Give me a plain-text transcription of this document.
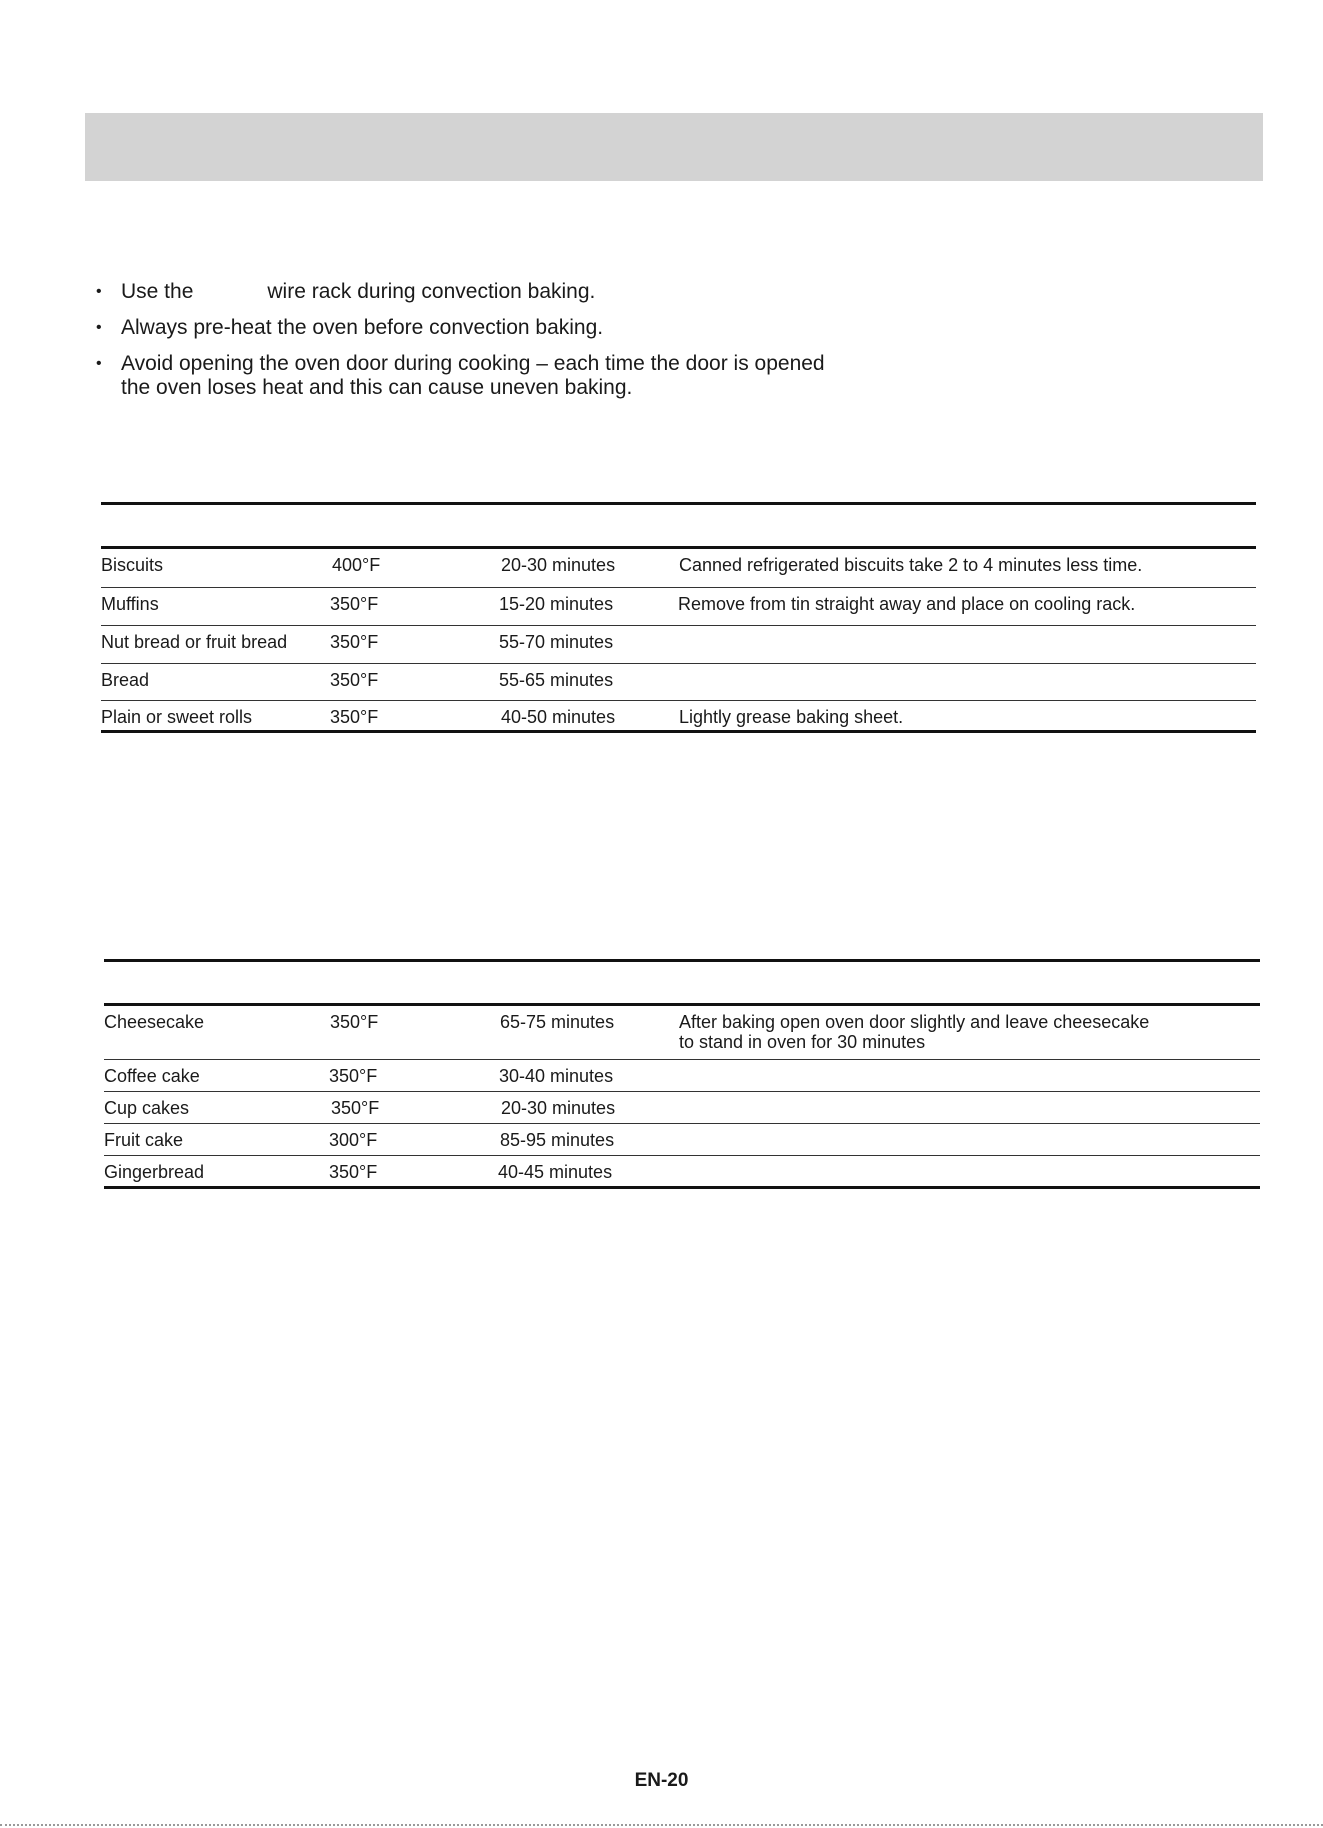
• Use the	wire rack during convection baking.
• Always pre-heat the oven before convection baking.
• Avoid opening the oven door during cooking – each time the door is opened
the oven loses heat and this can cause uneven baking.
Biscuits	400°F	20-30 minutes	Canned refrigerated biscuits take 2 to 4 minutes less time.
Muffins	350°F	15-20 minutes	Remove from tin straight away and place on cooling rack.
Nut bread or fruit bread 350°F	55-70 minutes
Bread	350°F	55-65 minutes
Plain or sweet rolls	350°F	40-50 minutes	Lightly grease baking sheet.
Cheesecake	350°F	65-75 minutes	After baking open oven door slightly and leave cheesecake
to stand in oven for 30 minutes
Coffee cake	350°F	30-40 minutes
Cup cakes	350°F	20-30 minutes
Fruit cake	300°F	85-95 minutes
Gingerbread	350°F	40-45 minutes
EN-20
